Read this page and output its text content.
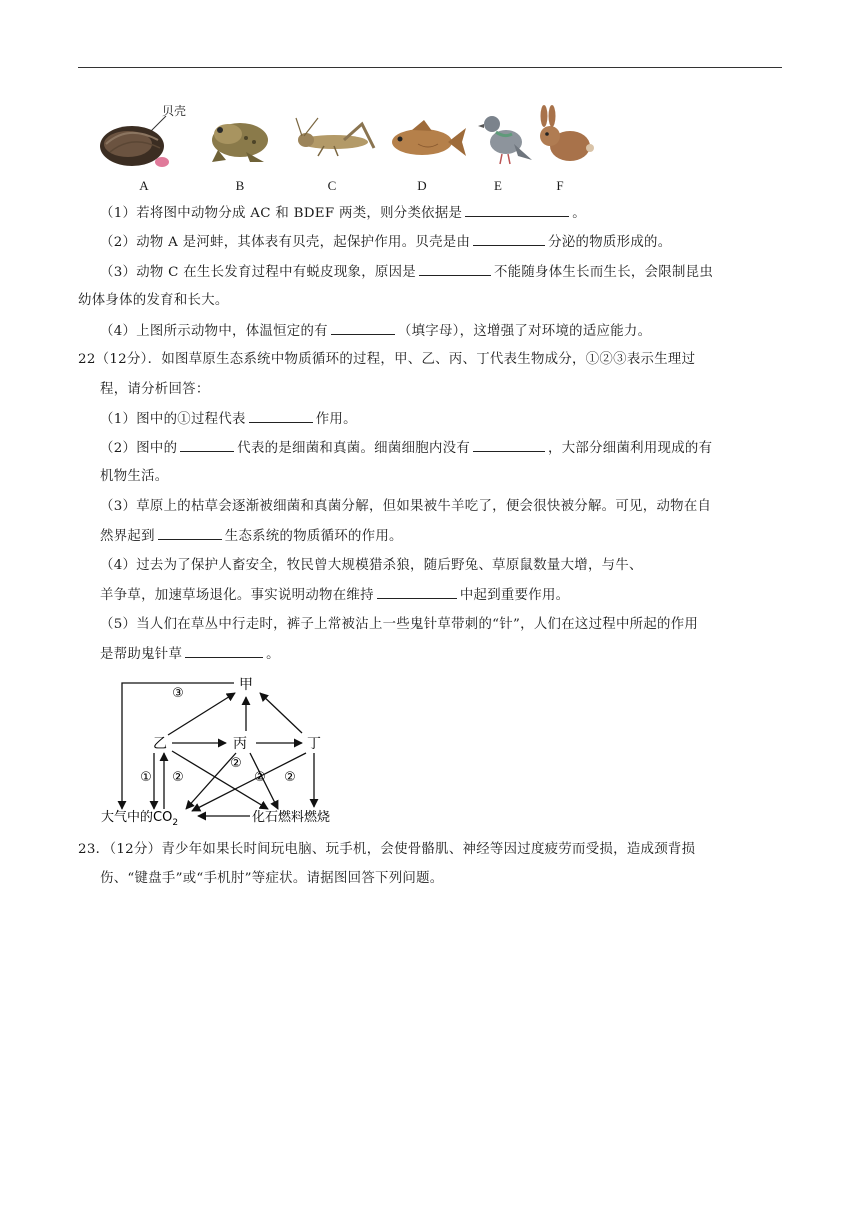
贝壳
A	B	C	D	E	F
（1）若将图中动物分成 AC 和 BDEF 两类，则分类依据是	。
（2）动物 A 是河蚌，其体表有贝壳，起保护作用。贝壳是由	分泌的物质形成的。
（3）动物 C 在生长发育过程中有蜕皮现象，原因是	不能随身体生长而生长，会限制昆虫
幼体身体的发育和长大。
（4）上图所示动物中，体温恒定的有	（填字母），这增强了对环境的适应能力。
22（12分）．如图草原生态系统中物质循环的过程，甲、乙、丙、丁代表生物成分，①②③表示生理过
程，请分析回答：
（1）图中的①过程代表	作用。
（2）图中的	代表的是细菌和真菌。细菌细胞内没有	，大部分细菌利用现成的有
机物生活。
（3）草原上的枯草会逐渐被细菌和真菌分解，但如果被牛羊吃了，便会很快被分解。可见，动物在自
然界起到	生态系统的物质循环的作用。
（4）过去为了保护人畜安全，牧民曾大规模猎杀狼，随后野兔、草原鼠数量大增，与牛、
羊争草，加速草场退化。事实说明动物在维持	中起到重要作用。
（5）当人们在草丛中行走时，裤子上常被沾上一些鬼针草带刺的“针”，人们在这过程中所起的作用
是帮助鬼针草	。
甲
乙	丙	丁
③
① ②
②
② ②
大气中的$CO_2$	化石燃料燃烧
23．（12分）青少年如果长时间玩电脑、玩手机，会使骨骼肌、神经等因过度疲劳而受损，造成颈背损
伤、“键盘手”或“手机肘”等症状。请据图回答下列问题。
